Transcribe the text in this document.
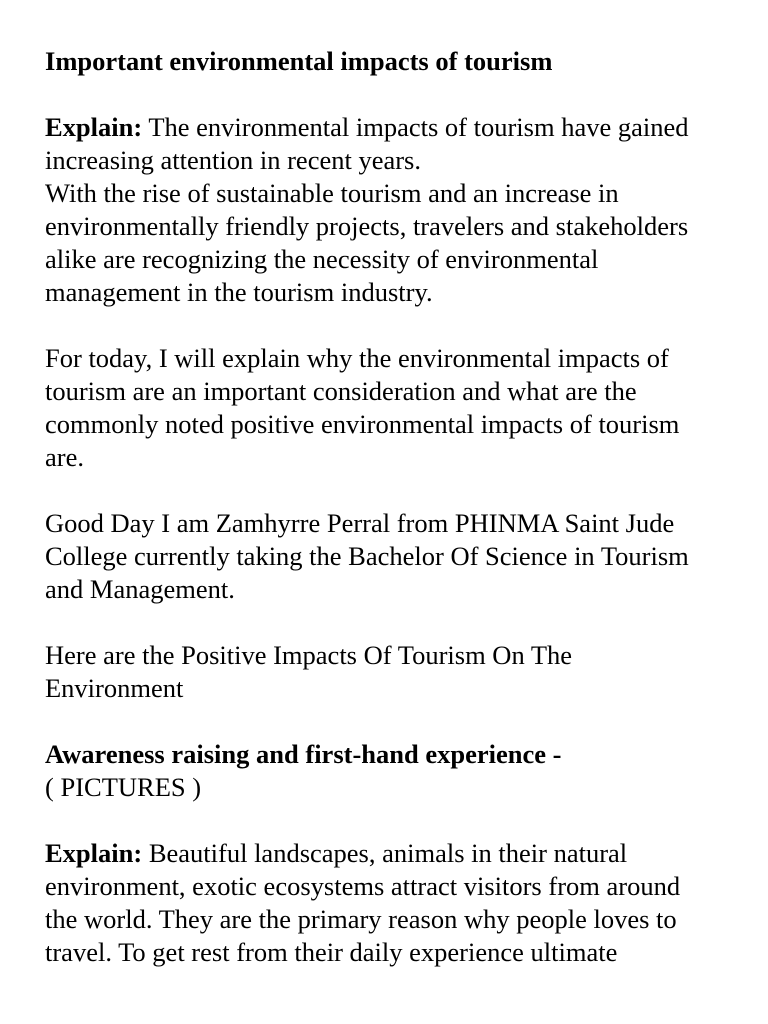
Important environmental impacts of tourism
Explain: The environmental impacts of tourism have gained
increasing attention in recent years.
With the rise of sustainable tourism and an increase in
environmentally friendly projects, travelers and stakeholders
alike are recognizing the necessity of environmental
management in the tourism industry.
For today, I will explain why the environmental impacts of
tourism are an important consideration and what are the
commonly noted positive environmental impacts of tourism
are.
Good Day I am Zamhyrre Perral from PHINMA Saint Jude
College currently taking the Bachelor Of Science in Tourism
and Management.
Here are the Positive Impacts Of Tourism On The
Environment
Awareness raising and first-hand experience -
( PICTURES )
Explain: Beautiful landscapes, animals in their natural
environment, exotic ecosystems attract visitors from around
the world. They are the primary reason why people loves to
travel. To get rest from their daily experience ultimate
